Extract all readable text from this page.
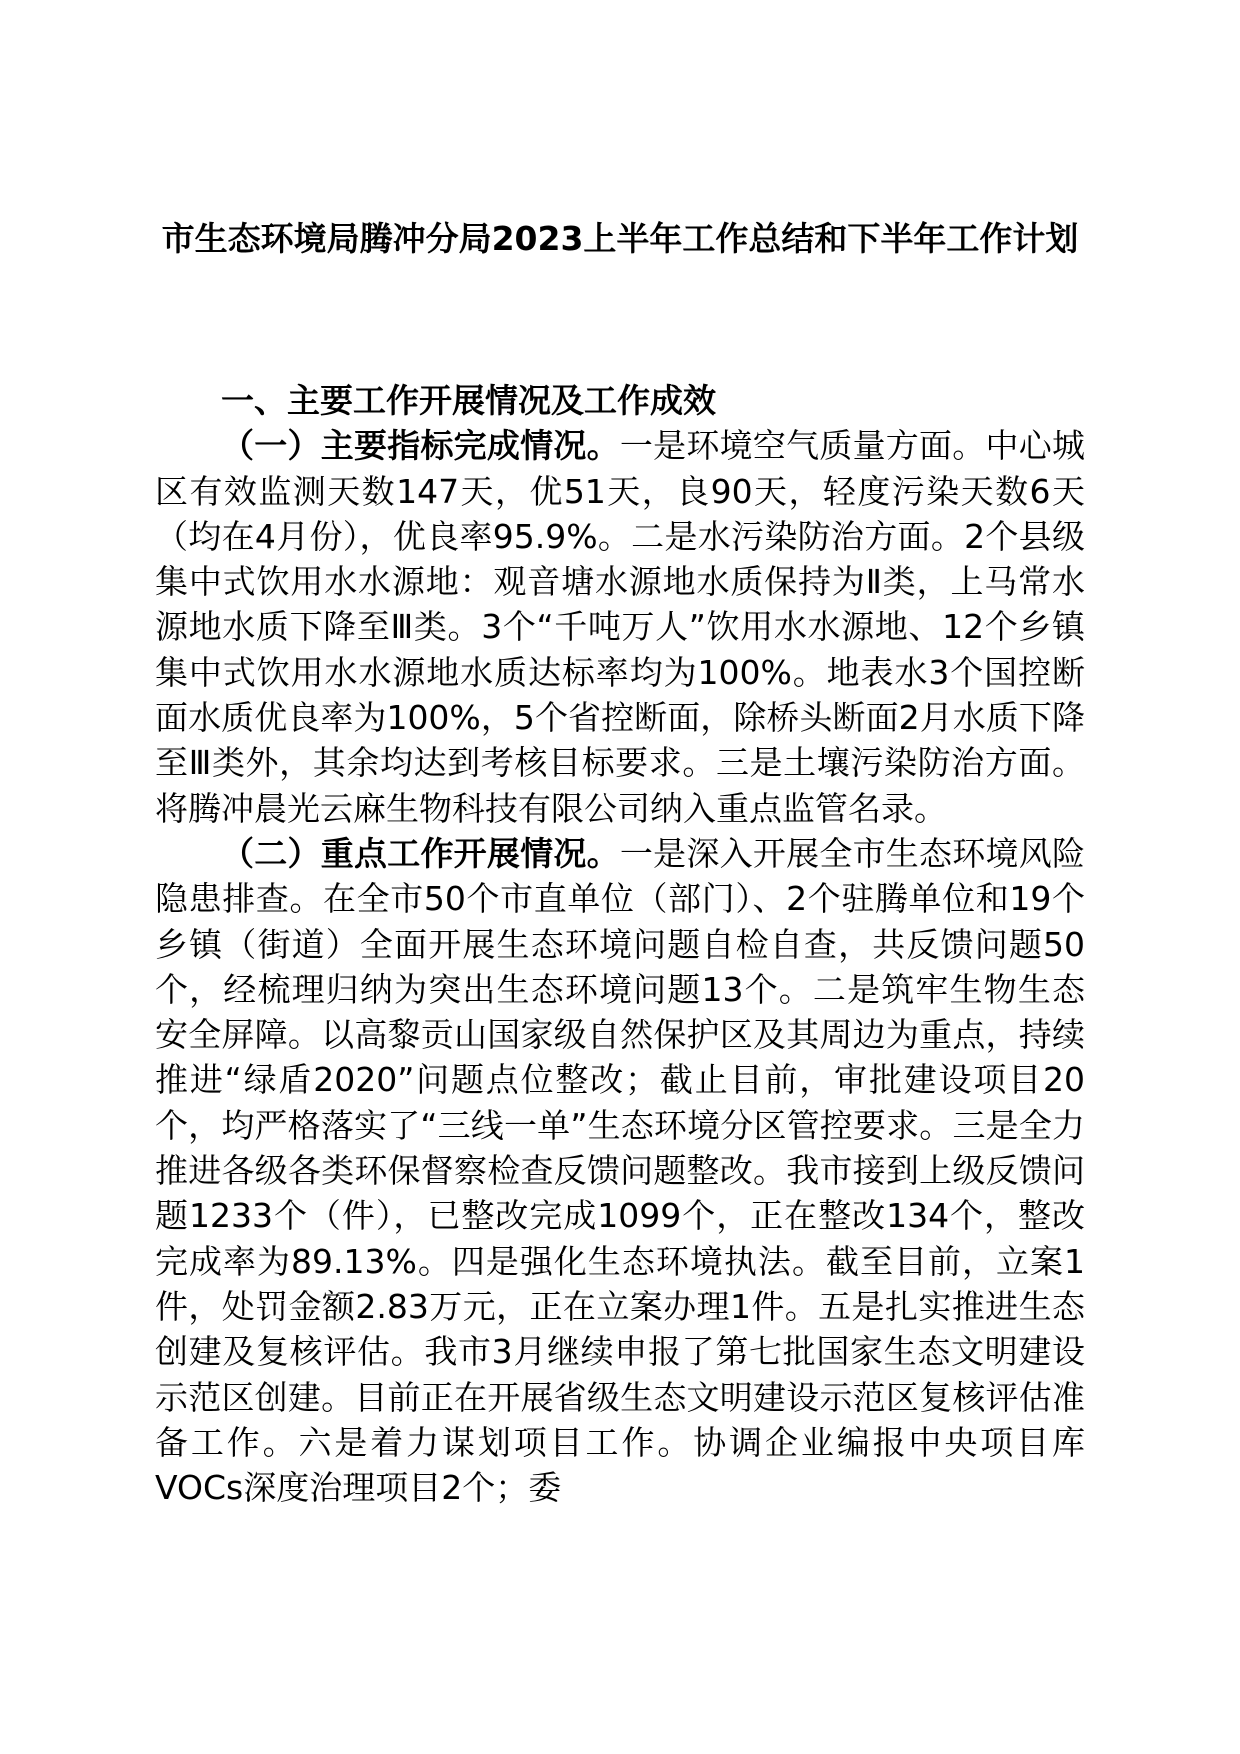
市生态环境局腾冲分局2023上半年工作总结和下半年工作计划
一、主要工作开展情况及工作成效

（一）主要指标完成情况。一是环境空气质量方面。中心城区有效监测天数147天，优51天，良90天，轻度污染天数6天（均在4月份），优良率95.9%。二是水污染防治方面。2个县级集中式饮用水水源地：观音塘水源地水质保持为Ⅱ类，上马常水源地水质下降至Ⅲ类。3个“千吨万人”饮用水水源地、12个乡镇集中式饮用水水源地水质达标率均为100%。地表水3个国控断面水质优良率为100%，5个省控断面，除桥头断面2月水质下降至Ⅲ类外，其余均达到考核目标要求。三是土壤污染防治方面。将腾冲晨光云麻生物科技有限公司纳入重点监管名录。

（二）重点工作开展情况。一是深入开展全市生态环境风险隐患排查。在全市50个市直单位（部门）、2个驻腾单位和19个乡镇（街道）全面开展生态环境问题自检自查，共反馈问题50个，经梳理归纳为突出生态环境问题13个。二是筑牢生物生态安全屏障。以高黎贡山国家级自然保护区及其周边为重点，持续推进“绿盾2020”问题点位整改；截止目前，审批建设项目20个，均严格落实了“三线一单”生态环境分区管控要求。三是全力推进各级各类环保督察检查反馈问题整改。我市接到上级反馈问题1233个（件），已整改完成1099个，正在整改134个，整改完成率为89.13%。四是强化生态环境执法。截至目前，立案1件，处罚金额2.83万元，正在立案办理1件。五是扎实推进生态创建及复核评估。我市3月继续申报了第七批国家生态文明建设示范区创建。目前正在开展省级生态文明建设示范区复核评估准备工作。六是着力谋划项目工作。协调企业编报中央项目库VOCs深度治理项目2个；委
